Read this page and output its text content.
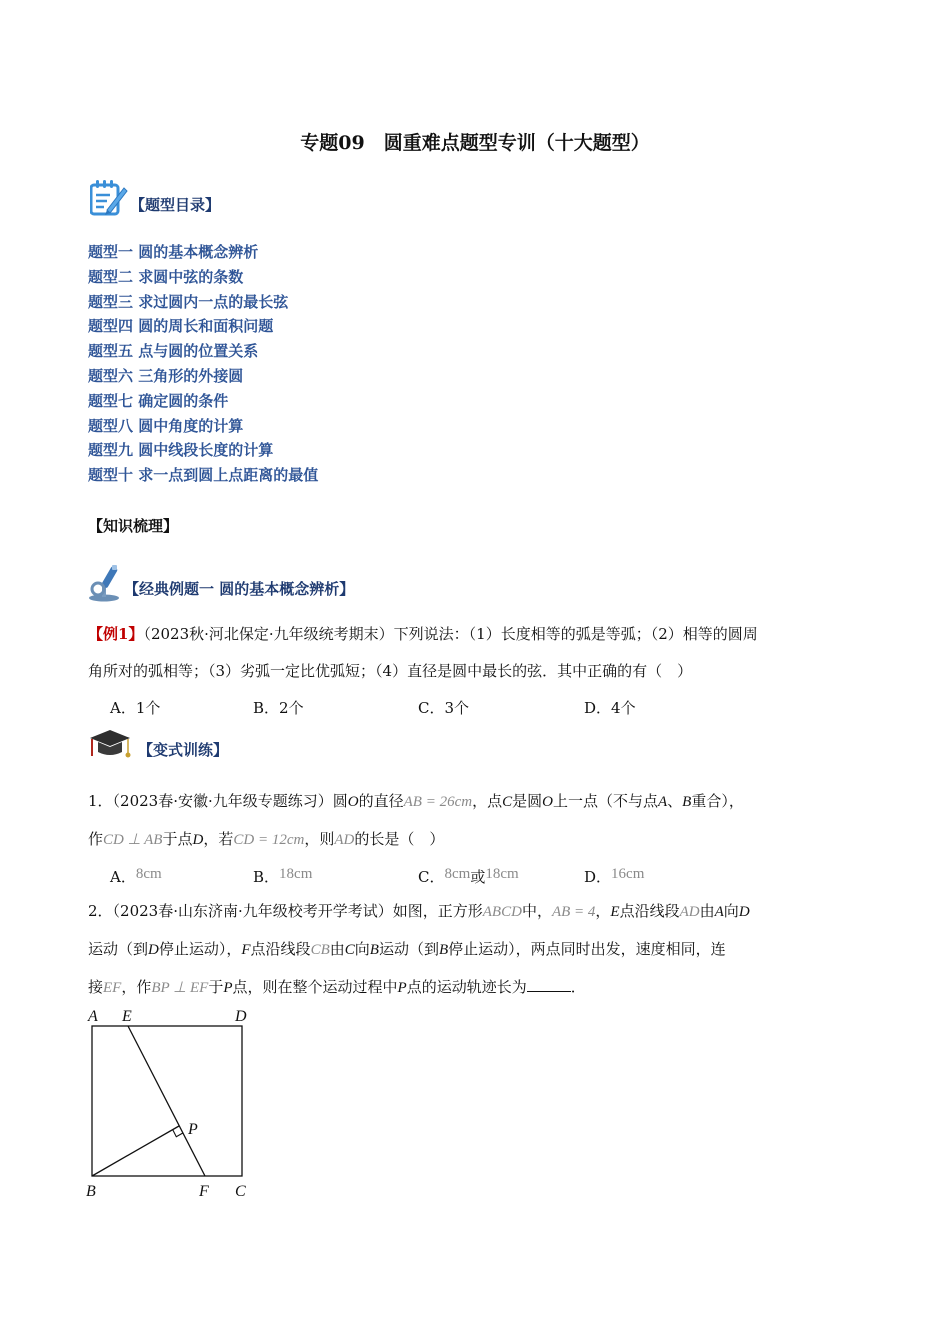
专题09　圆重难点题型专训（十大题型）
【题型目录】
题型一 圆的基本概念辨析
题型二 求圆中弦的条数
题型三 求过圆内一点的最长弦
题型四 圆的周长和面积问题
题型五 点与圆的位置关系
题型六 三角形的外接圆
题型七 确定圆的条件
题型八 圆中角度的计算
题型九 圆中线段长度的计算
题型十 求一点到圆上点距离的最值
【知识梳理】
【经典例题一 圆的基本概念辨析】
【例1】（2023秋·河北保定·九年级统考期末）下列说法：（1）长度相等的弧是等弧；（2）相等的圆周
角所对的弧相等；（3）劣弧一定比优弧短；（4）直径是圆中最长的弦．其中正确的有（　）
A．1个	B．2个	C．3个	D．4个
【变式训练】
1．（2023春·安徽·九年级专题练习）圆O的直径AB = 26cm，点C是圆O上一点（不与点A、B重合），
作CD ⊥ AB于点D，若CD = 12cm，则AD的长是（　）
A．8cm	B．18cm	C．8cm或18cm	D．16cm
2．（2023春·山东济南·九年级校考开学考试）如图，正方形ABCD中，AB = 4，E点沿线段AD由A向D
运动（到D停止运动），F点沿线段CB由C向B运动（到B停止运动），两点同时出发，速度相同，连
接EF，作BP ⊥ EF于P点，则在整个运动过程中P点的运动轨迹长为	．
A E	D
P
B	F C
